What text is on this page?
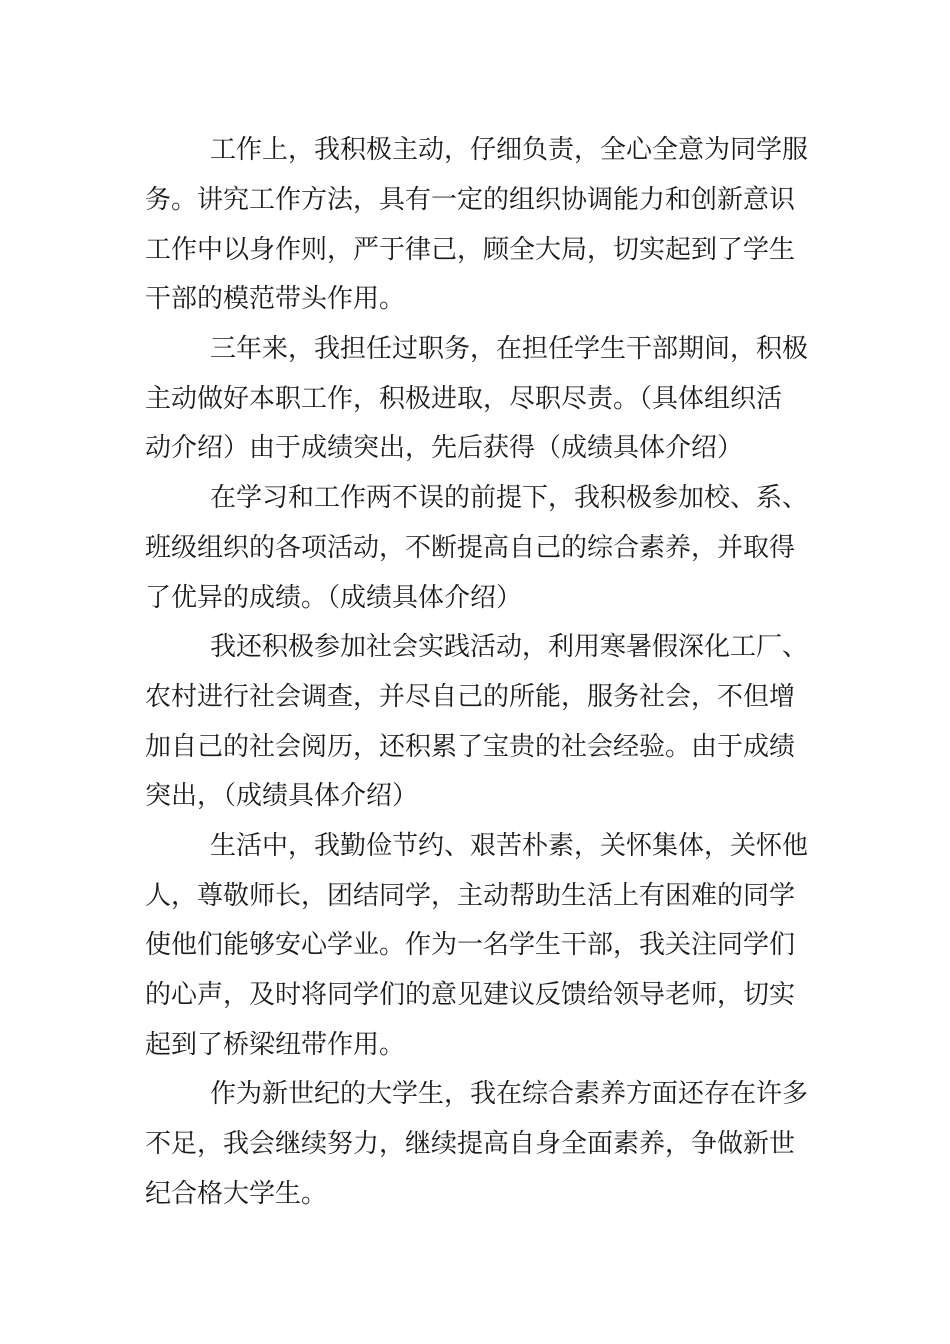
工作上，我积极主动，仔细负责，全心全意为同学服
务。讲究工作方法，具有一定的组织协调能力和创新意识
工作中以身作则，严于律己，顾全大局，切实起到了学生
干部的模范带头作用。
三年来，我担任过职务，在担任学生干部期间，积极
主动做好本职工作，积极进取，尽职尽责。（具体组织活
动介绍）由于成绩突出，先后获得（成绩具体介绍）
在学习和工作两不误的前提下，我积极参加校、系、
班级组织的各项活动，不断提高自己的综合素养，并取得
了优异的成绩。（成绩具体介绍）
我还积极参加社会实践活动，利用寒暑假深化工厂、
农村进行社会调查，并尽自己的所能，服务社会，不但增
加自己的社会阅历，还积累了宝贵的社会经验。由于成绩
突出，（成绩具体介绍）
生活中，我勤俭节约、艰苦朴素，关怀集体，关怀他
人，尊敬师长，团结同学，主动帮助生活上有困难的同学
使他们能够安心学业。作为一名学生干部，我关注同学们
的心声，及时将同学们的意见建议反馈给领导老师，切实
起到了桥梁纽带作用。
作为新世纪的大学生，我在综合素养方面还存在许多
不足，我会继续努力，继续提高自身全面素养，争做新世
纪合格大学生。
